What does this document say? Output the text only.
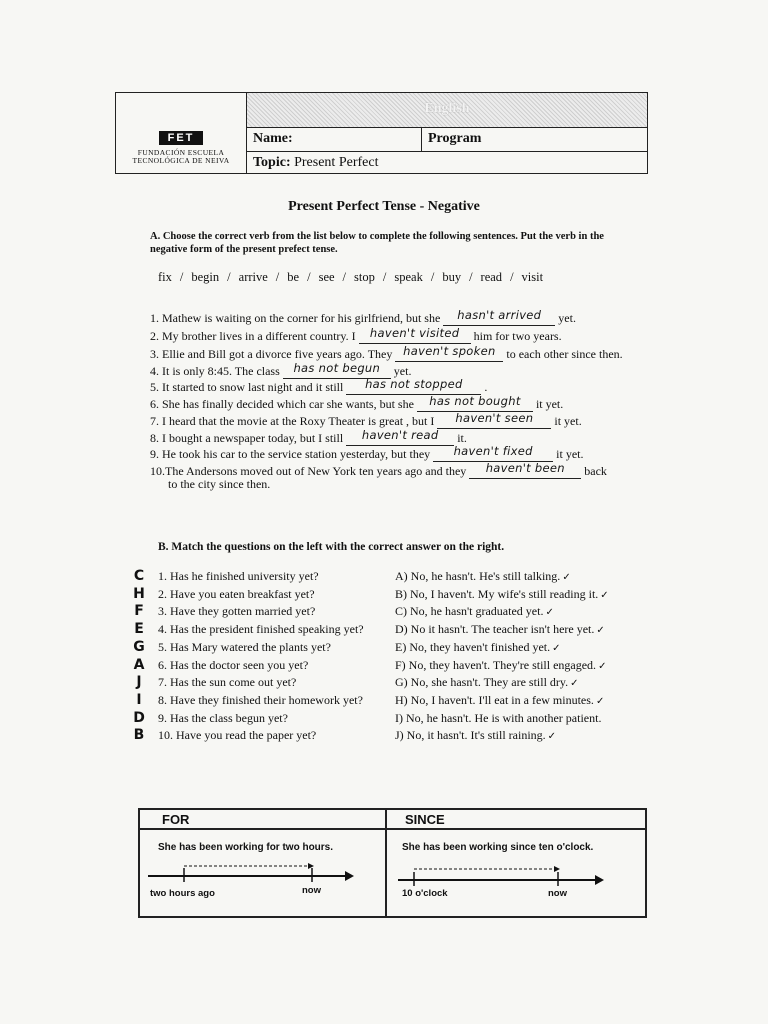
FET
FUNDACIÓN ESCUELA
TECNOLÓGICA DE NEIVA
English
Name:	Program
Topic: Present Perfect
Present Perfect Tense - Negative
A. Choose the correct verb from the list below to complete the following sentences. Put the verb in the negative form of the present prefect tense.
fix / begin / arrive / be / see / stop / speak / buy / read / visit
1. Mathew is waiting on the corner for his girlfriend, but she hasn't arrived yet.
2. My brother lives in a different country. I haven't visited him for two years.
3. Ellie and Bill got a divorce five years ago. They haven't spoken to each other since then.
4. It is only 8:45. The class has not begun yet.
5. It started to snow last night and it still has not stopped .
6. She has finally decided which car she wants, but she has not bought it yet.
7. I heard that the movie at the Roxy Theater is great , but I haven't seen it yet.
8. I bought a newspaper today, but I still haven't read it.
9. He took his car to the service station yesterday, but they haven't fixed it yet.
10.The Andersons moved out of New York ten years ago and they haven't been back
to the city since then.
B. Match the questions on the left with the correct answer on the right.
C	1. Has he finished university yet?	A) No, he hasn't. He's still talking. ✓
H	2. Have you eaten breakfast yet?	B) No, I haven't. My wife's still reading it. ✓
F	3. Have they gotten married yet?	C) No, he hasn't graduated yet. ✓
E	4. Has the president finished speaking yet?	D) No it hasn't. The teacher isn't here yet. ✓
G	5. Has Mary watered the plants yet?	E) No, they haven't finished yet. ✓
A	6. Has the doctor seen you yet?	F) No, they haven't. They're still engaged. ✓
J	7. Has the sun come out yet?	G) No, she hasn't. They are still dry. ✓
I	8. Have they finished their homework yet?	H) No, I haven't. I'll eat in a few minutes. ✓
D	9. Has the class begun yet?	I) No, he hasn't. He is with another patient.
B	10. Have you read the paper yet?	J) No, it hasn't. It's still raining. ✓
FOR	SINCE
She has been working for two hours.	She has been working since ten o'clock.
two hours ago	now	10 o'clock	now
